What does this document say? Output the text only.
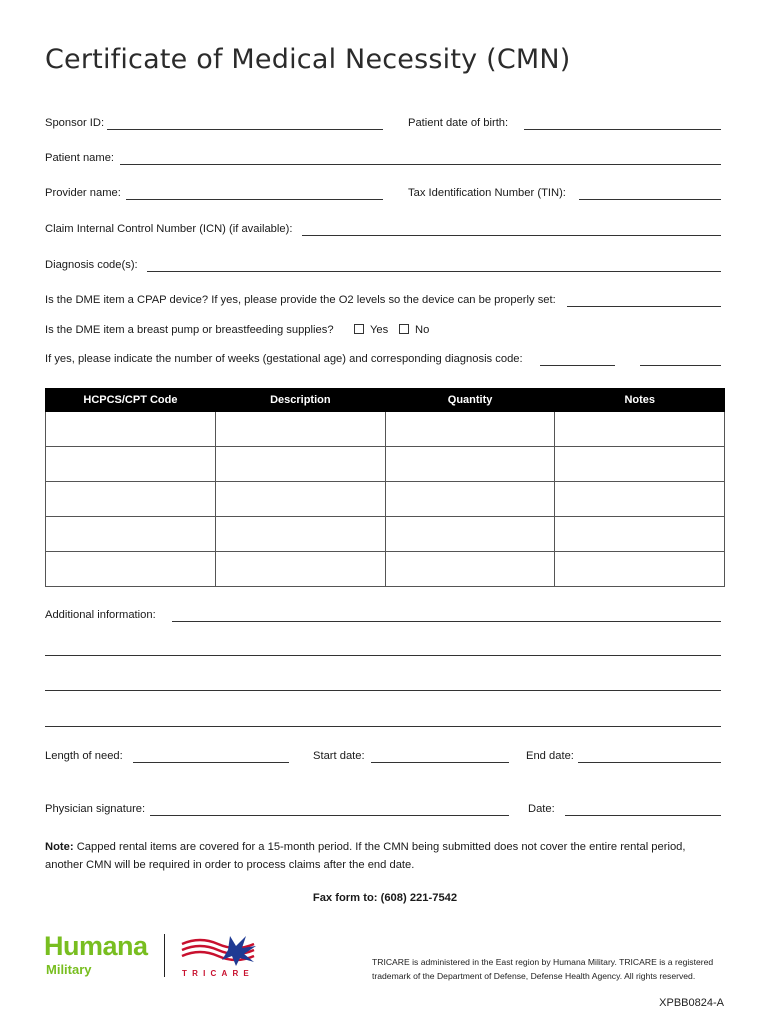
Certificate of Medical Necessity (CMN)
Sponsor ID:	Patient date of birth:
Patient name:
Provider name:	Tax Identification Number (TIN):
Claim Internal Control Number (ICN) (if available):
Diagnosis code(s):
Is the DME item a CPAP device? If yes, please provide the O2 levels so the device can be properly set:
Is the DME item a breast pump or breastfeeding supplies?	Yes	No
If yes, please indicate the number of weeks (gestational age) and corresponding diagnosis code:
HCPCS/CPT Code	Description	Quantity	Notes

Additional information:
Length of need:	Start date:	End date:
Physician signature:	Date:
Note: Capped rental items are covered for a 15-month period. If the CMN being submitted does not cover the entire rental period, another CMN will be required in order to process claims after the end date.
Fax form to: (608) 221-7542
Humana
Military	TRICARE
TRICARE is administered in the East region by Humana Military. TRICARE is a registered trademark of the Department of Defense, Defense Health Agency. All rights reserved.
XPBB0824-A
